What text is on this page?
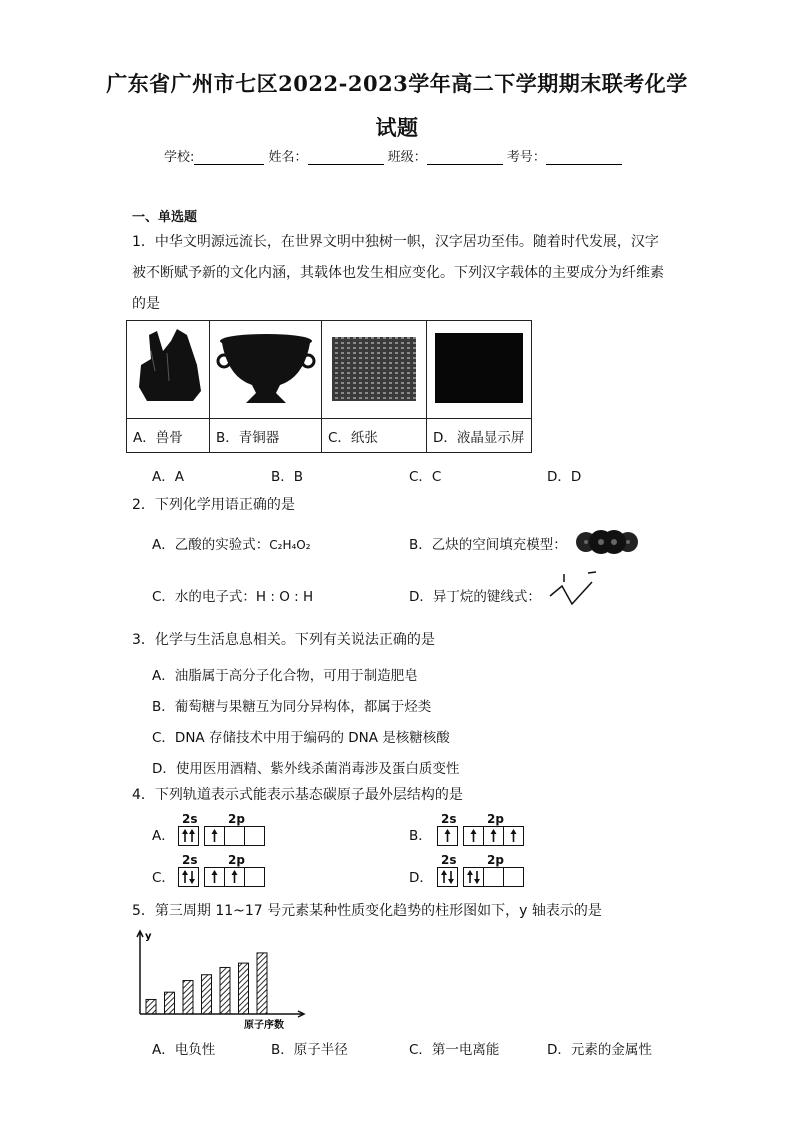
广东省广州市七区2022-2023学年高二下学期期末联考化学
试题
学校:	姓名：	班级：	考号：
一、单选题
1．中华文明源远流长，在世界文明中独树一帜，汉字居功至伟。随着时代发展，汉字
被不断赋予新的文化内涵，其载体也发生相应变化。下列汉字载体的主要成分为纤维素
的是

A．兽骨	B．青铜器	C．纸张	D．液晶显示屏
A．A	B．B	C．C	D．D
2．下列化学用语正确的是
A．乙酸的实验式：C₂H₄O₂	B．乙炔的空间填充模型：
C．水的电子式：H : O : H	D．异丁烷的键线式：
3．化学与生活息息相关。下列有关说法正确的是
A．油脂属于高分子化合物，可用于制造肥皂
B．葡萄糖与果糖互为同分异构体，都属于烃类
C．DNA 存储技术中用于编码的 DNA 是核糖核酸
D．使用医用酒精、紫外线杀菌消毒涉及蛋白质变性
4．下列轨道表示式能表示基态碳原子最外层结构的是
A．	B．
C．	D．
2s	2p	2s	2p
2s	2p	2s	2p
5．第三周期 11~17 号元素某种性质变化趋势的柱形图如下，y 轴表示的是
y
原子序数
A．电负性	B．原子半径	C．第一电离能	D．元素的金属性
